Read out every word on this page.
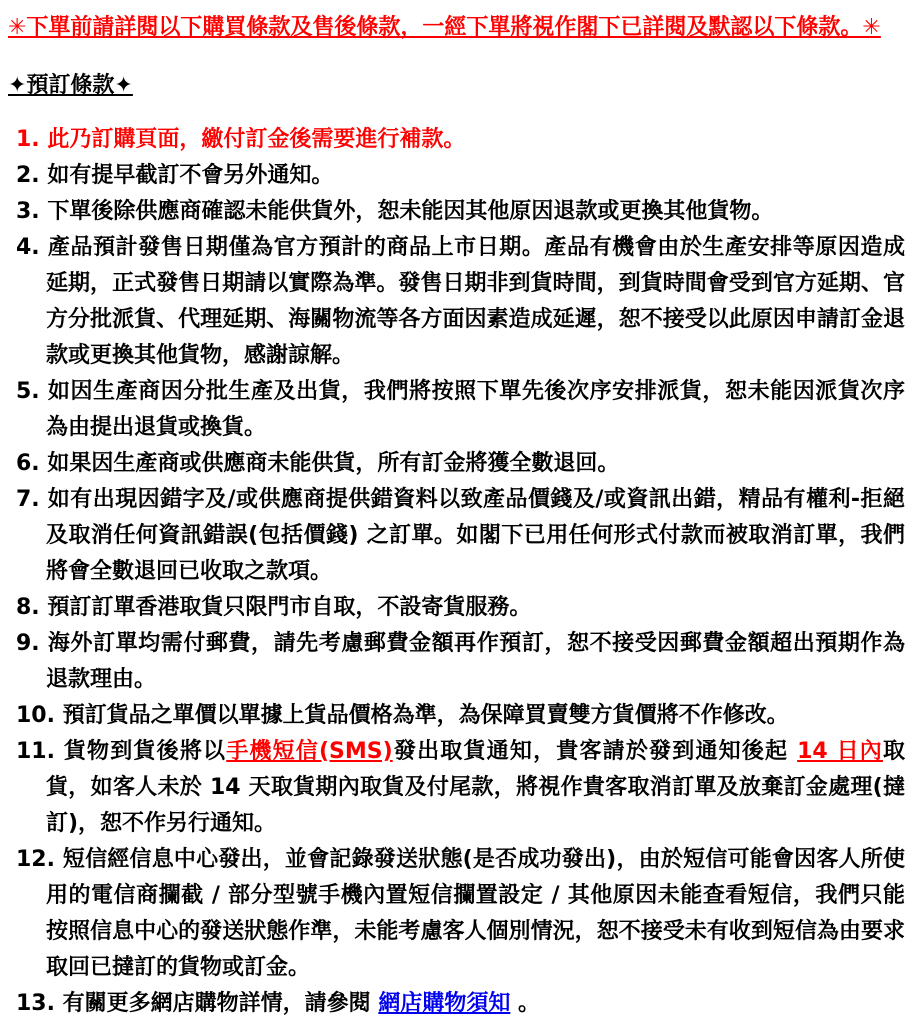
✳下單前請詳閱以下購買條款及售後條款，一經下單將視作閣下已詳閱及默認以下條款。✳

✦預訂條款✦

1. 此乃訂購頁面，繳付訂金後需要進行補款。
2. 如有提早截訂不會另外通知。
3. 下單後除供應商確認未能供貨外，恕未能因其他原因退款或更換其他貨物。
4. 產品預計發售日期僅為官方預計的商品上市日期。產品有機會由於生產安排等原因造成延期，正式發售日期請以實際為準。發售日期非到貨時間，到貨時間會受到官方延期、官方分批派貨、代理延期、海關物流等各方面因素造成延遲，恕不接受以此原因申請訂金退款或更換其他貨物，感謝諒解。
5. 如因生產商因分批生產及出貨，我們將按照下單先後次序安排派貨，恕未能因派貨次序為由提出退貨或換貨。
6. 如果因生產商或供應商未能供貨，所有訂金將獲全數退回。
7. 如有出現因錯字及/或供應商提供錯資料以致產品價錢及/或資訊出錯，精品有權利-拒絕及取消任何資訊錯誤(包括價錢) 之訂單。如閣下已用任何形式付款而被取消訂單，我們將會全數退回已收取之款項。
8. 預訂訂單香港取貨只限門市自取，不設寄貨服務。
9. 海外訂單均需付郵費，請先考慮郵費金額再作預訂，恕不接受因郵費金額超出預期作為退款理由。
10. 預訂貨品之單價以單據上貨品價格為準，為保障買賣雙方貨價將不作修改。
11. 貨物到貨後將以手機短信(SMS)發出取貨通知，貴客請於發到通知後起 14 日內取貨，如客人未於 14 天取貨期內取貨及付尾款，將視作貴客取消訂單及放棄訂金處理(撻訂)，恕不作另行通知。
12. 短信經信息中心發出，並會記錄發送狀態(是否成功發出)，由於短信可能會因客人所使用的電信商攔截 / 部分型號手機內置短信攔置設定 / 其他原因未能查看短信，我們只能按照信息中心的發送狀態作準，未能考慮客人個別情況，恕不接受未有收到短信為由要求取回已撻訂的貨物或訂金。
13. 有關更多網店購物詳情，請參閱 網店購物須知 。
